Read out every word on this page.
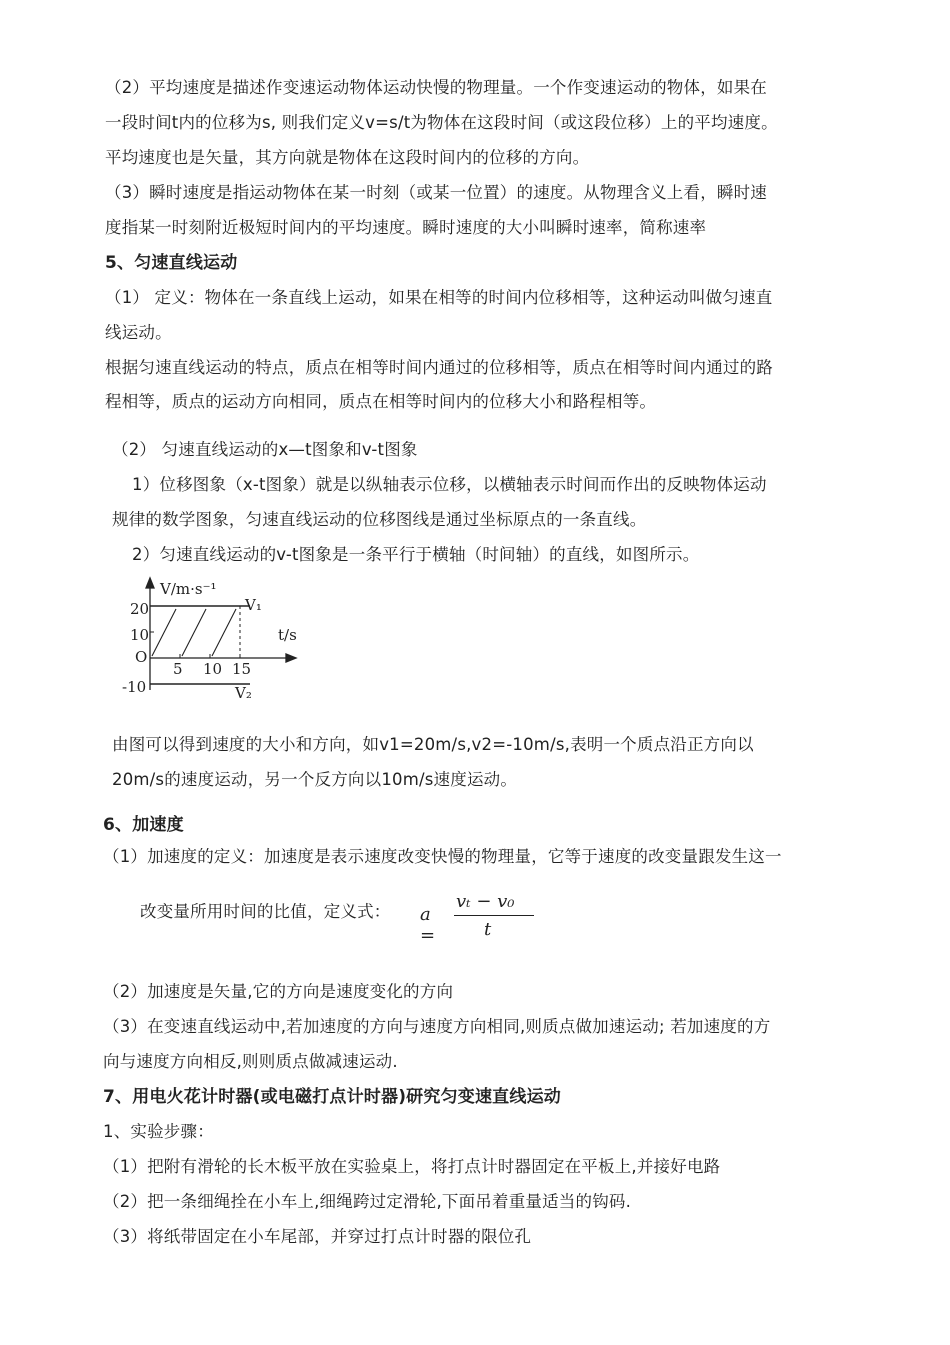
（2）平均速度是描述作变速运动物体运动快慢的物理量。一个作变速运动的物体，如果在
一段时间t内的位移为s, 则我们定义v=s/t为物体在这段时间（或这段位移）上的平均速度。
平均速度也是矢量，其方向就是物体在这段时间内的位移的方向。
（3）瞬时速度是指运动物体在某一时刻（或某一位置）的速度。从物理含义上看，瞬时速
度指某一时刻附近极短时间内的平均速度。瞬时速度的大小叫瞬时速率，简称速率
5、匀速直线运动
（1） 定义：物体在一条直线上运动，如果在相等的时间内位移相等，这种运动叫做匀速直
线运动。
根据匀速直线运动的特点，质点在相等时间内通过的位移相等，质点在相等时间内通过的路
程相等，质点的运动方向相同，质点在相等时间内的位移大小和路程相等。
（2） 匀速直线运动的x—t图象和v-t图象
1）位移图象（x-t图象）就是以纵轴表示位移，以横轴表示时间而作出的反映物体运动
规律的数学图象，匀速直线运动的位移图线是通过坐标原点的一条直线。
2）匀速直线运动的v-t图象是一条平行于横轴（时间轴）的直线，如图所示。
V/m·s⁻¹
t/s
V₁
V₂
O
20
10
-10
5 10 15
由图可以得到速度的大小和方向，如v1=20m/s,v2=-10m/s,表明一个质点沿正方向以
20m/s的速度运动，另一个反方向以10m/s速度运动。
6、加速度
（1）加速度的定义：加速度是表示速度改变快慢的物理量，它等于速度的改变量跟发生这一
改变量所用时间的比值，定义式： a =
vₜ − v₀
t
（2）加速度是矢量,它的方向是速度变化的方向
（3）在变速直线运动中,若加速度的方向与速度方向相同,则质点做加速运动; 若加速度的方
向与速度方向相反,则则质点做减速运动.
7、用电火花计时器(或电磁打点计时器)研究匀变速直线运动
1、实验步骤：
（1）把附有滑轮的长木板平放在实验桌上，将打点计时器固定在平板上,并接好电路
（2）把一条细绳拴在小车上,细绳跨过定滑轮,下面吊着重量适当的钩码.
（3）将纸带固定在小车尾部，并穿过打点计时器的限位孔
